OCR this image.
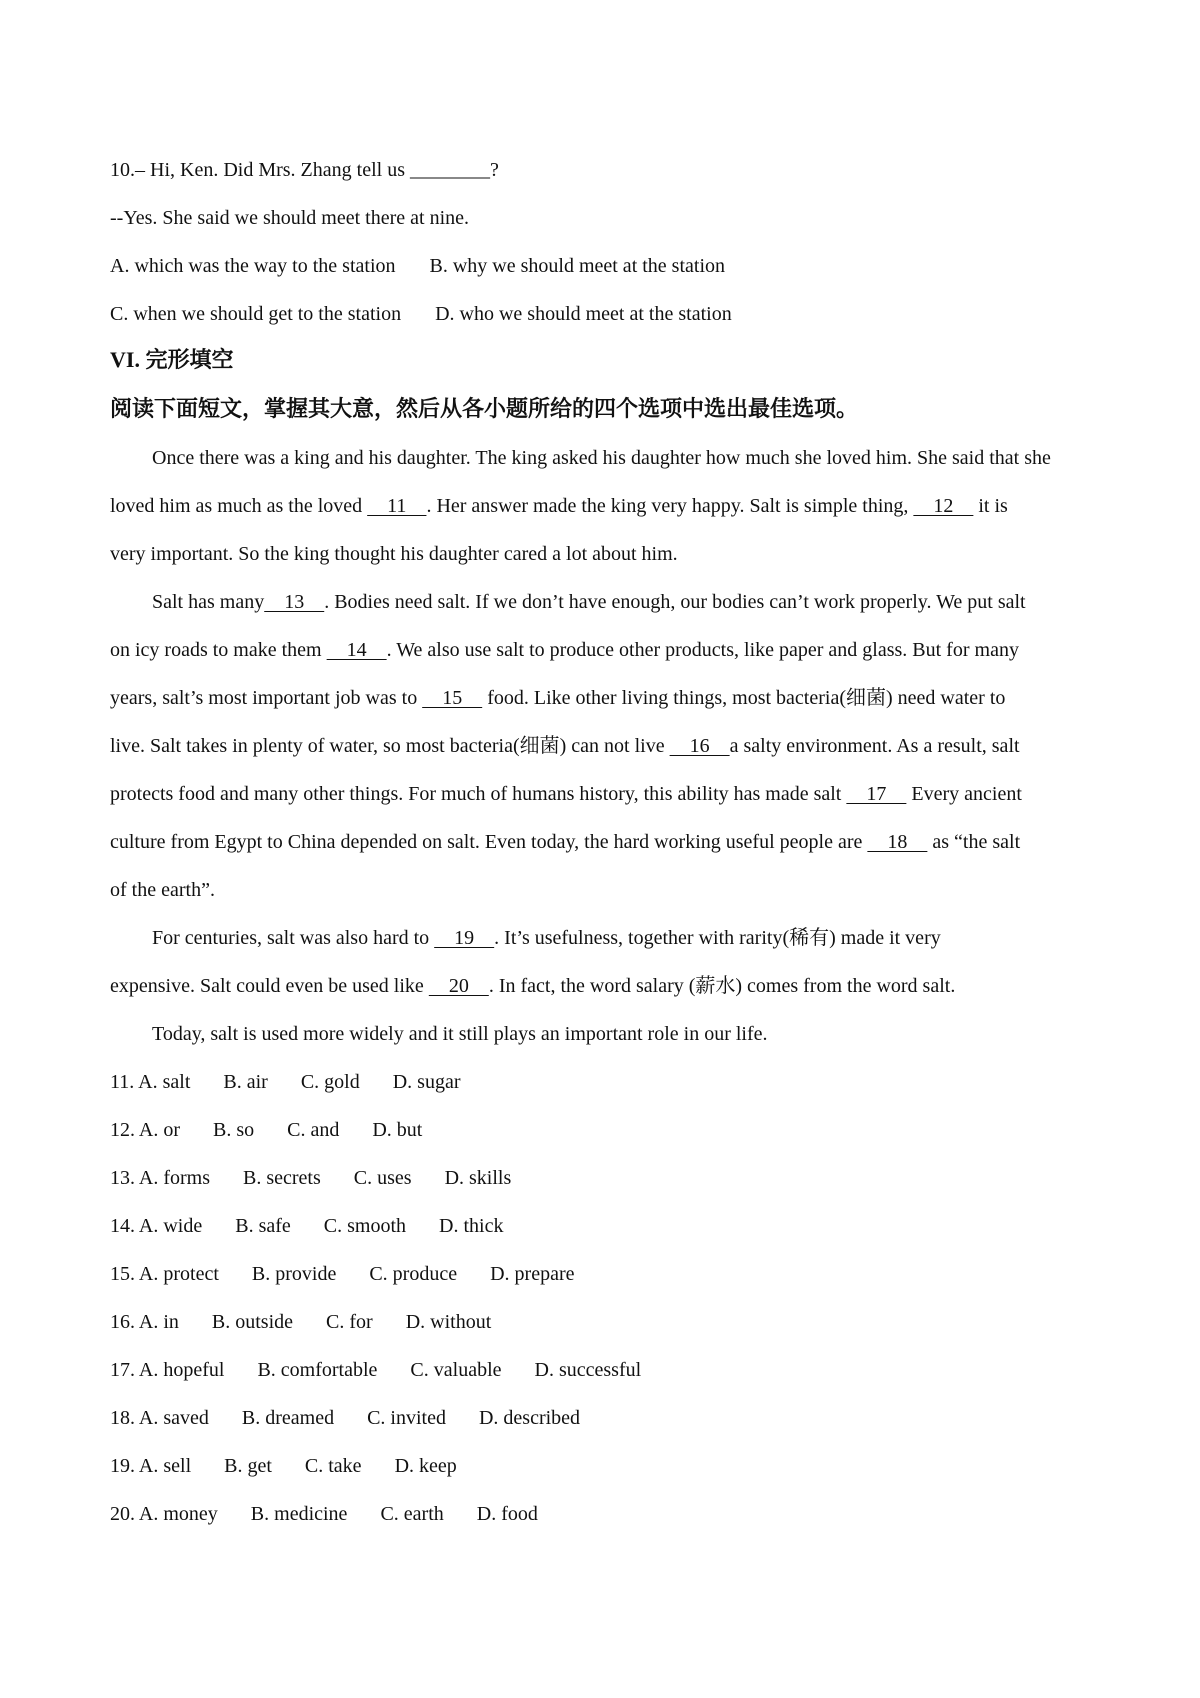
10.– Hi, Ken. Did Mrs. Zhang tell us ________?
--Yes. She said we should meet there at nine.
A. which was the way to the station B. why we should meet at the station
C. when we should get to the station D. who we should meet at the station
VI. 完形填空
阅读下面短文，掌握其大意，然后从各小题所给的四个选项中选出最佳选项。
Once there was a king and his daughter. The king asked his daughter how much she loved him. She said that she
loved him as much as the loved     11    . Her answer made the king very happy. Salt is simple thing,     12     it is
very important. So the king thought his daughter cared a lot about him.
Salt has many    13    . Bodies need salt. If we don’t have enough, our bodies can’t work properly. We put salt
on icy roads to make them     14    . We also use salt to produce other products, like paper and glass. But for many
years, salt’s most important job was to     15     food. Like other living things, most bacteria(细菌) need water to
live. Salt takes in plenty of water, so most bacteria(细菌) can not live     16    a salty environment. As a result, salt
protects food and many other things. For much of humans history, this ability has made salt     17     Every ancient
culture from Egypt to China depended on salt. Even today, the hard working useful people are     18     as “the salt
of the earth”.
For centuries, salt was also hard to     19    . It’s usefulness, together with rarity(稀有) made it very
expensive. Salt could even be used like     20    . In fact, the word salary (薪水) comes from the word salt.
Today, salt is used more widely and it still plays an important role in our life.
11. A. salt B. air C. gold D. sugar
12. A. or B. so C. and D. but
13. A. forms B. secrets C. uses D. skills
14. A. wide B. safe C. smooth D. thick
15. A. protect B. provide C. produce D. prepare
16. A. in B. outside C. for D. without
17. A. hopeful B. comfortable C. valuable D. successful
18. A. saved B. dreamed C. invited D. described
19. A. sell B. get C. take D. keep
20. A. money B. medicine C. earth D. food
